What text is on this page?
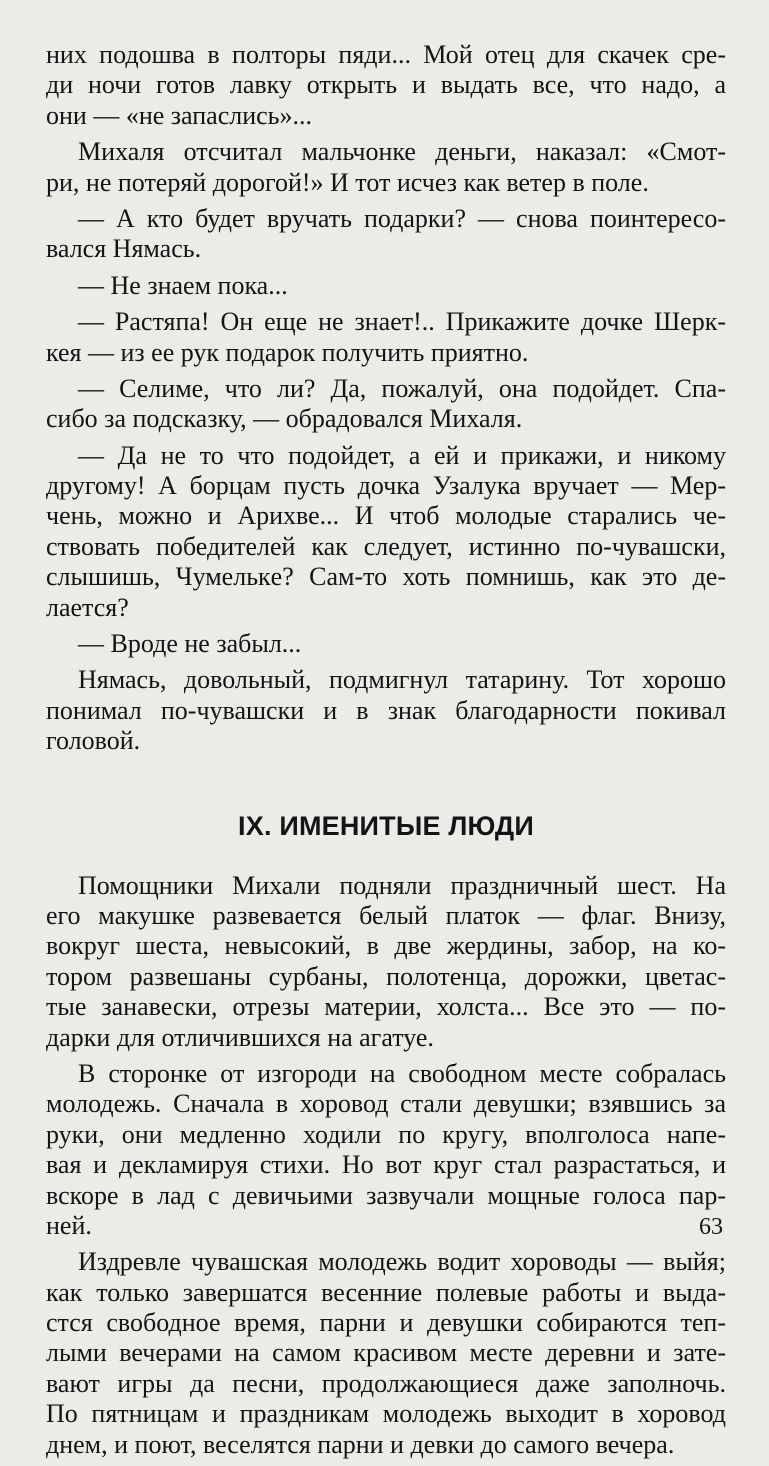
них подошва в полторы пяди... Мой отец для скачек сре-
ди ночи готов лавку открыть и выдать все, что надо, а
они — «не запаслись»...
Михаля отсчитал мальчонке деньги, наказал: «Смот-
ри, не потеряй дорогой!» И тот исчез как ветер в поле.
— А кто будет вручать подарки? — снова поинтересо-
вался Нямась.
— Не знаем пока...
— Растяпа! Он еще не знает!.. Прикажите дочке Шерк-
кея — из ее рук подарок получить приятно.
— Селиме, что ли? Да, пожалуй, она подойдет. Спа-
сибо за подсказку, — обрадовался Михаля.
— Да не то что подойдет, а ей и прикажи, и никому
другому! А борцам пусть дочка Узалука вручает — Мер-
чень, можно и Арихве... И чтоб молодые старались че-
ствовать победителей как следует, истинно по-чувашски,
слышишь, Чумелькe? Сам-то хоть помнишь, как это де-
лается?
— Вроде не забыл...
Нямась, довольный, подмигнул татарину. Тот хорошо
понимал по-чувашски и в знак благодарности покивал
головой.
IX. ИМЕНИТЫЕ ЛЮДИ
Помощники Михали подняли праздничный шест. На
его макушке развевается белый платок — флаг. Внизу,
вокруг шеста, невысокий, в две жердины, забор, на ко-
тором развешаны сурбаны, полотенца, дорожки, цветас-
тые занавески, отрезы материи, холста... Все это — по-
дарки для отличившихся на агатуе.
В сторонке от изгороди на свободном месте собралась
молодежь. Сначала в хоровод стали девушки; взявшись за
руки, они медленно ходили по кругу, вполголоса напе-
вая и декламируя стихи. Но вот круг стал разрастаться, и
вскоре в лад с девичьими зазвучали мощные голоса пар-
ней.
Издревле чувашская молодежь водит хороводы — выйя;
как только завершатся весенние полевые работы и выда-
стся свободное время, парни и девушки собираются теп-
лыми вечерами на самом красивом месте деревни и зате-
вают игры да песни, продолжающиеся даже заполночь.
По пятницам и праздникам молодежь выходит в хоровод
днем, и поют, веселятся парни и девки до самого вечера.
63
